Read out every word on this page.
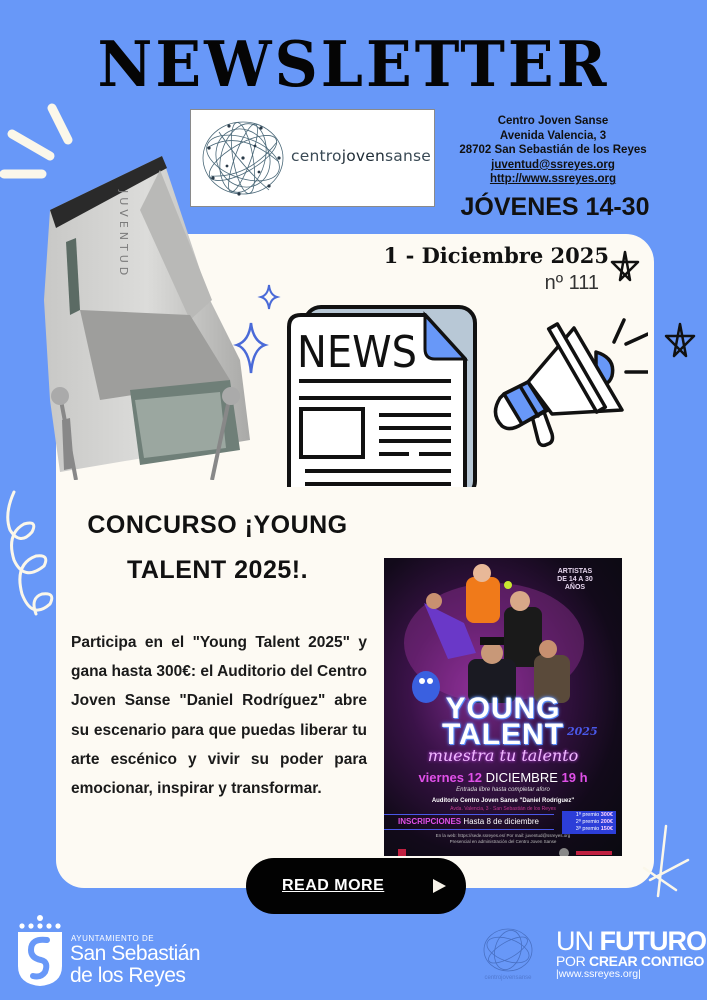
NEWSLETTER
centrojovensanse
Centro Joven Sanse
Avenida Valencia, 3
28702 San Sebastián de los Reyes
juventud@ssreyes.org
http://www.ssreyes.org
JÓVENES 14-30
JUVENTUD
NEWS
1 - Diciembre 2025
nº 111
CONCURSO ¡YOUNG
TALENT 2025!.

Participa en el "Young Talent 2025" y gana hasta 300€: el Auditorio del Centro Joven Sanse "Daniel Rodríguez" abre su escenario para que puedas liberar tu arte escénico y vivir su poder para emocionar, inspirar y transformar.

ARTISTAS
DE 14 A 30
AÑOS
YOUNG
TALENT 2025
muestra tu talento
viernes 12 DICIEMBRE 19 h
Entrada libre hasta completar aforo
Auditorio Centro Joven Sanse "Daniel Rodríguez"
Avda. Valencia, 3 · San Sebastián de los Reyes
INSCRIPCIONES Hasta 8 de diciembre
1º premio 300€
2º premio 200€
3º premio 150€
En la web: https://sede.ssreyes.es/ Por mail: juventud@ssreyes.org
Presencial en administración del Centro Joven Sanse
READ MORE
AYUNTAMIENTO DE
San Sebastián
de los Reyes	centrojovensanse
UN FUTURO
POR CREAR CONTIGO
|www.ssreyes.org|
